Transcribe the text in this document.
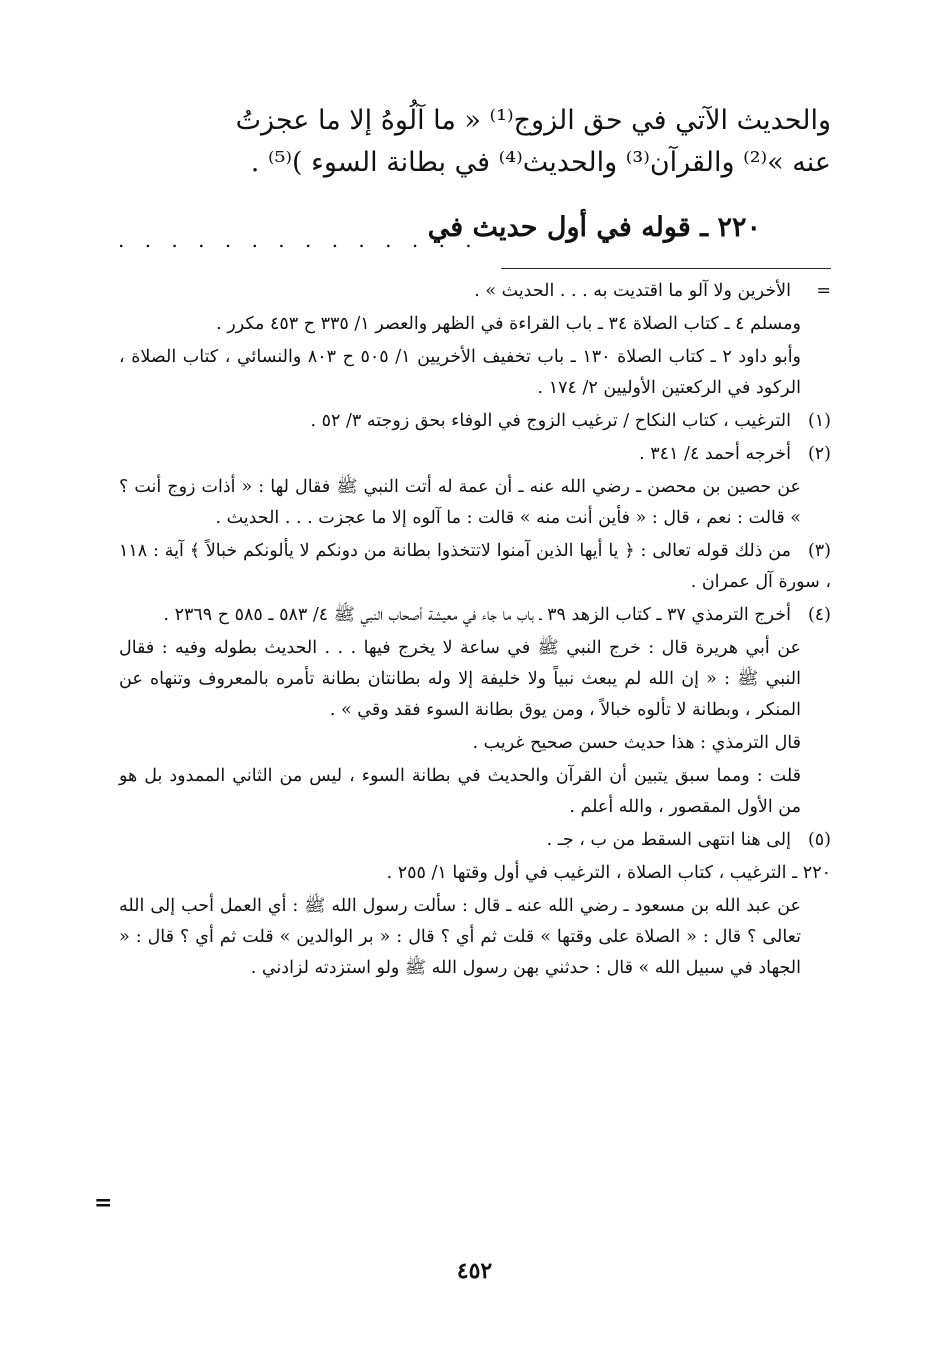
والحديث الآتي في حق الزوج⁽¹⁾ « ما آلُوهُ إلا ما عجزتُ

عنه »⁽²⁾ والقرآن⁽³⁾ والحديث⁽⁴⁾ في بطانة السوء )⁽⁵⁾ .

٢٢٠ ـ قوله في أول حديث في
. . . . . . . . . . . . . .

=الأخرين ولا آلو ما اقتديت به . . . الحديث » .

ومسلم ٤ ـ كتاب الصلاة ٣٤ ـ باب القراءة في الظهر والعصر ١/ ٣٣٥ ح ٤٥٣ مكرر .

وأبو داود ٢ ـ كتاب الصلاة ١٣٠ ـ باب تخفيف الأخريين ١/ ٥٠٥ ح ٨٠٣ والنسائي ، كتاب الصلاة ، الركود في الركعتين الأوليين ٢/ ١٧٤ .

(١)الترغيب ، كتاب النكاح / ترغيب الزوج في الوفاء بحق زوجته ٣/ ٥٢ .

(٢)أخرجه أحمد ٤/ ٣٤١ .

عن حصين بن محصن ـ رضي الله عنه ـ أن عمة له أتت النبي ﷺ فقال لها : « أذات زوج أنت ؟ » قالت : نعم ، قال : « فأين أنت منه » قالت : ما آلوه إلا ما عجزت . . . الحديث .

(٣)من ذلك قوله تعالى : ﴿ يا أيها الذين آمنوا لاتتخذوا بطانة من دونكم لا يألونكم خبالاً ﴾ آية : ١١٨ ، سورة آل عمران .

(٤)أخرج الترمذي ٣٧ ـ كتاب الزهد ٣٩ ـ باب ما جاء في معيشة أصحاب النبي ﷺ ٤/ ٥٨٣ ـ ٥٨٥ ح ٢٣٦٩ .

عن أبي هريرة قال : خرج النبي ﷺ في ساعة لا يخرج فيها . . . الحديث بطوله وفيه : فقال النبي ﷺ : « إن الله لم يبعث نبياً ولا خليفة إلا وله بطانتان بطانة تأمره بالمعروف وتنهاه عن المنكر ، وبطانة لا تألوه خبالاً ، ومن يوق بطانة السوء فقد وقي » .

قال الترمذي : هذا حديث حسن صحيح غريب .

قلت : ومما سبق يتبين أن القرآن والحديث في بطانة السوء ، ليس من الثاني الممدود بل هو من الأول المقصور ، والله أعلم .

(٥)إلى هنا انتهى السقط من ب ، جـ .

٢٢٠ ـ الترغيب ، كتاب الصلاة ، الترغيب في أول وقتها ١/ ٢٥٥ .

عن عبد الله بن مسعود ـ رضي الله عنه ـ قال : سألت رسول الله ﷺ : أي العمل أحب إلى الله تعالى ؟ قال : « الصلاة على وقتها » قلت ثم أي ؟ قال : « بر الوالدين » قلت ثم أي ؟ قال : « الجهاد في سبيل الله » قال : حدثني بهن رسول الله ﷺ ولو استزدته لزادني .

=
٤٥٢
